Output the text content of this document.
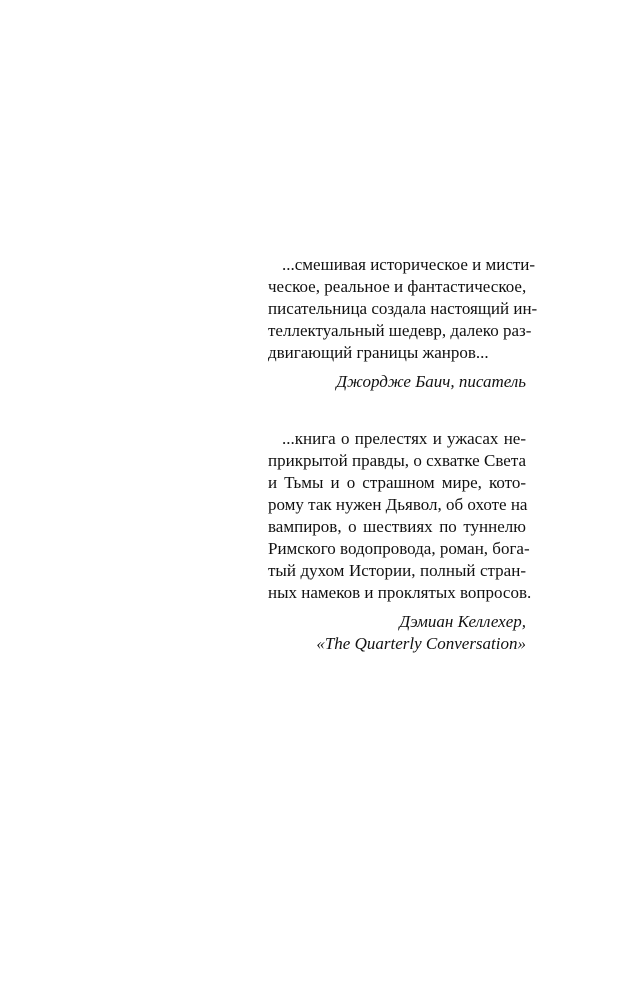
...смешивая историческое и мисти-
ческое, реальное и фантастическое,
писательница создала настоящий ин-
теллектуальный шедевр, далеко раз-
двигающий границы жанров...
Джордже Баич, писатель
...книга о прелестях и ужасах не-
прикрытой правды, о схватке Света
и Тьмы и о страшном мире, кото-
рому так нужен Дьявол, об охоте на
вампиров, о шествиях по туннелю
Римского водопровода, роман, бога-
тый духом Истории, полный стран-
ных намеков и проклятых вопросов.
Дэмиан Келлехер,
«The Quarterly Conversation»
